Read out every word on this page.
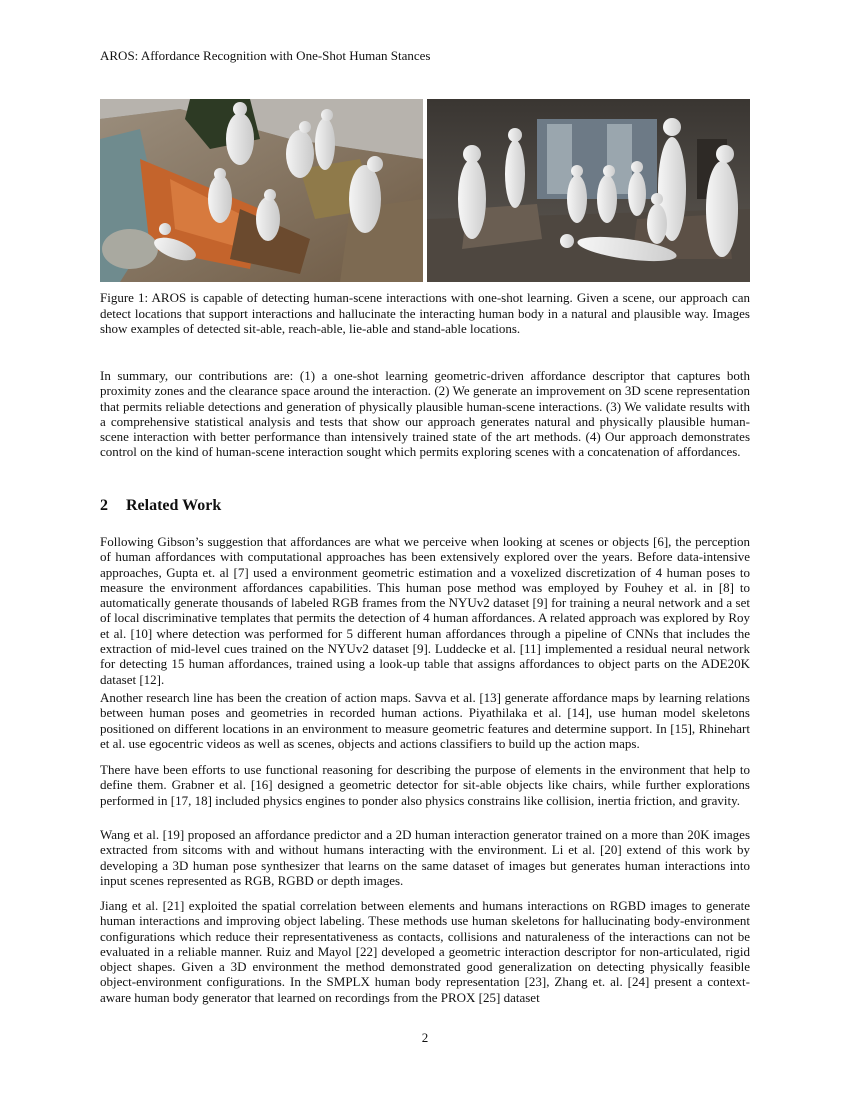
AROS: Affordance Recognition with One-Shot Human Stances
Figure 1: AROS is capable of detecting human-scene interactions with one-shot learning. Given a scene, our approach can detect locations that support interactions and hallucinate the interacting human body in a natural and plausible way. Images show examples of detected sit-able, reach-able, lie-able and stand-able locations.

In summary, our contributions are: (1) a one-shot learning geometric-driven affordance descriptor that captures both proximity zones and the clearance space around the interaction. (2) We generate an improvement on 3D scene representation that permits reliable detections and generation of physically plausible human-scene interactions. (3) We validate results with a comprehensive statistical analysis and tests that show our approach generates natural and physically plausible human-scene interaction with better performance than intensively trained state of the art methods. (4) Our approach demonstrates control on the kind of human-scene interaction sought which permits exploring scenes with a concatenation of affordances.

2 Related Work

Following Gibson’s suggestion that affordances are what we perceive when looking at scenes or objects [6], the perception of human affordances with computational approaches has been extensively explored over the years. Before data-intensive approaches, Gupta et. al [7] used a environment geometric estimation and a voxelized discretization of 4 human poses to measure the environment affordances capabilities. This human pose method was employed by Fouhey et al. in [8] to automatically generate thousands of labeled RGB frames from the NYUv2 dataset [9] for training a neural network and a set of local discriminative templates that permits the detection of 4 human affordances. A related approach was explored by Roy et al. [10] where detection was performed for 5 different human affordances through a pipeline of CNNs that includes the extraction of mid-level cues trained on the NYUv2 dataset [9]. Luddecke et al. [11] implemented a residual neural network for detecting 15 human affordances, trained using a look-up table that assigns affordances to object parts on the ADE20K dataset [12].

Another research line has been the creation of action maps. Savva et al. [13] generate affordance maps by learning relations between human poses and geometries in recorded human actions. Piyathilaka et al. [14], use human model skeletons positioned on different locations in an environment to measure geometric features and determine support. In [15], Rhinehart et al. use egocentric videos as well as scenes, objects and actions classifiers to build up the action maps.

There have been efforts to use functional reasoning for describing the purpose of elements in the environment that help to define them. Grabner et al. [16] designed a geometric detector for sit-able objects like chairs, while further explorations performed in [17, 18] included physics engines to ponder also physics constrains like collision, inertia friction, and gravity.

Wang et al. [19] proposed an affordance predictor and a 2D human interaction generator trained on a more than 20K images extracted from sitcoms with and without humans interacting with the environment. Li et al. [20] extend of this work by developing a 3D human pose synthesizer that learns on the same dataset of images but generates human interactions into input scenes represented as RGB, RGBD or depth images.

Jiang et al. [21] exploited the spatial correlation between elements and humans interactions on RGBD images to generate human interactions and improving object labeling. These methods use human skeletons for hallucinating body-environment configurations which reduce their representativeness as contacts, collisions and naturaleness of the interactions can not be evaluated in a reliable manner. Ruiz and Mayol [22] developed a geometric interaction descriptor for non-articulated, rigid object shapes. Given a 3D environment the method demonstrated good generalization on detecting physically feasible object-environment configurations. In the SMPLX human body representation [23], Zhang et. al. [24] present a context-aware human body generator that learned on recordings from the PROX [25] dataset

2
